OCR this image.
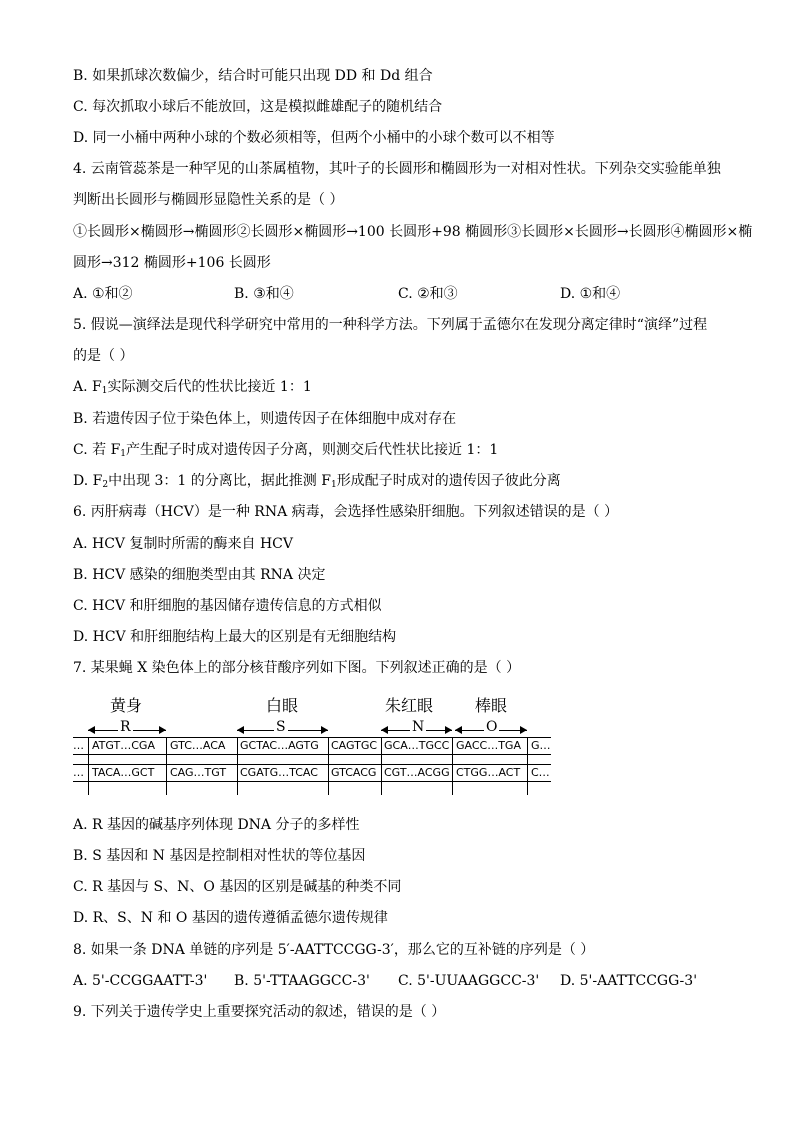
B. 如果抓球次数偏少，结合时可能只出现 DD 和 Dd 组合
C. 每次抓取小球后不能放回，这是模拟雌雄配子的随机结合
D. 同一小桶中两种小球的个数必须相等，但两个小桶中的小球个数可以不相等
4. 云南管蕊茶是一种罕见的山茶属植物，其叶子的长圆形和椭圆形为一对相对性状。下列杂交实验能单独
判断出长圆形与椭圆形显隐性关系的是（ ）
①长圆形×椭圆形→椭圆形②长圆形×椭圆形→100 长圆形+98 椭圆形③长圆形×长圆形→长圆形④椭圆形×椭
圆形→312 椭圆形+106 长圆形
A. ①和②	B. ③和④	C. ②和③	D. ①和④
5. 假说—演绎法是现代科学研究中常用的一种科学方法。下列属于孟德尔在发现分离定律时“演绎”过程
的是（ ）
A. $F_1$实际测交后代的性状比接近 1：1
B. 若遗传因子位于染色体上，则遗传因子在体细胞中成对存在
C. 若 $F_1$产生配子时成对遗传因子分离，则测交后代性状比接近 1：1
D. $F_2$中出现 3：1 的分离比，据此推测 $F_1$形成配子时成对的遗传因子彼此分离
6. 丙肝病毒（HCV）是一种 RNA 病毒，会选择性感染肝细胞。下列叙述错误的是（ ）
A. HCV 复制时所需的酶来自 HCV
B. HCV 感染的细胞类型由其 RNA 决定
C. HCV 和肝细胞的基因储存遗传信息的方式相似
D. HCV 和肝细胞结构上最大的区别是有无细胞结构
7. 某果蝇 X 染色体上的部分核苷酸序列如下图。下列叙述正确的是（ ）
黄身	白眼	朱红眼	棒眼
R	S	N	O
… ATGT…CGA GTC…ACA GCTAC…AGTG CAGTGC GCA…TGCC GACC…TGA G…
… TACA…GCT CAG…TGT CGATG…TCAC GTCACG CGT…ACGG CTGG…ACT C…
A. R 基因的碱基序列体现 DNA 分子的多样性
B. S 基因和 N 基因是控制相对性状的等位基因
C. R 基因与 S、N、O 基因的区别是碱基的种类不同
D. R、S、N 和 O 基因的遗传遵循孟德尔遗传规律
8. 如果一条 DNA 单链的序列是 5′-AATTCCGG-3′，那么它的互补链的序列是（ ）
A. 5'-CCGGAATT-3' B. 5'-TTAAGGCC-3' C. 5'-UUAAGGCC-3' D. 5'-AATTCCGG-3'
9. 下列关于遗传学史上重要探究活动的叙述，错误的是（ ）
